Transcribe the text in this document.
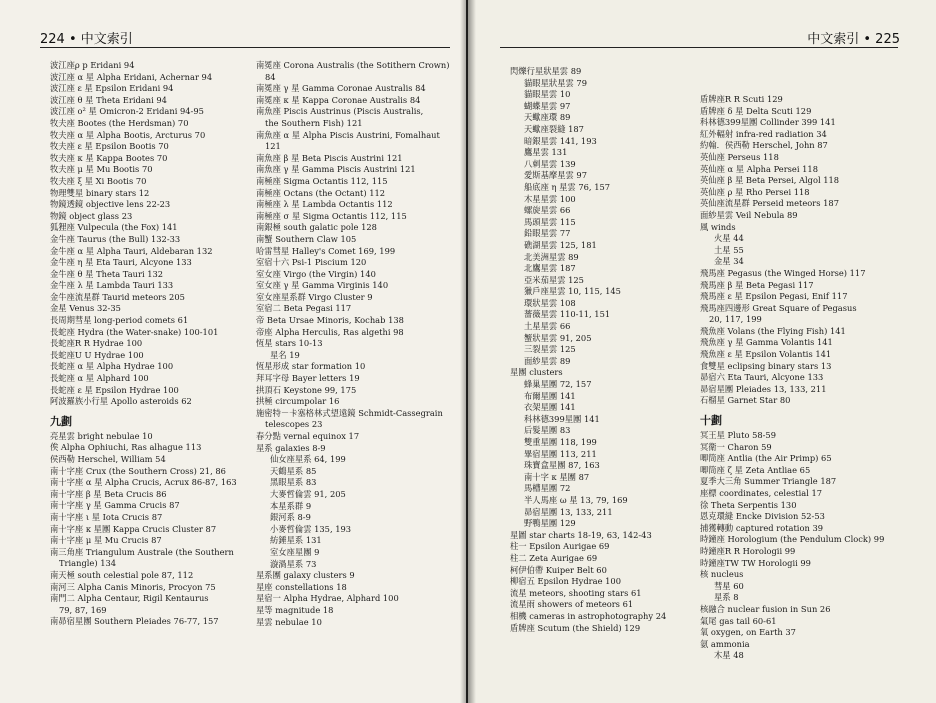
224 • 中文索引
波江座ρ p Eridani 94
波江座 α 星 Alpha Eridani, Achernar 94
波江座 ε 星 Epsilon Eridani 94
波江座 θ 星 Theta Eridani 94
波江座 o² 星 Omicron-2 Eridani 94-95
牧夫座 Bootes (the Herdsman) 70
牧夫座 α 星 Alpha Bootis, Arcturus 70
牧夫座 ε 星 Epsilon Bootis 70
牧夫座 κ 星 Kappa Bootes 70
牧夫座 μ 星 Mu Bootis 70
牧夫座 ξ 星 Xi Bootis 70
物理雙星 binary stars 12
物鏡透鏡 objective lens 22-23
物鏡 object glass 23
狐狸座 Vulpecula (the Fox) 141
金牛座 Taurus (the Bull) 132-33
金牛座 α 星 Alpha Tauri, Aldebaran 132
金牛座 η 星 Eta Tauri, Alcyone 133
金牛座 θ 星 Theta Tauri 132
金牛座 λ 星 Lambda Tauri 133
金牛座流星群 Taurid meteors 205
金星 Venus 32-35
長周期彗星 long-period comets 61
長蛇座 Hydra (the Water-snake) 100-101
長蛇座R R Hydrae 100
長蛇座U U Hydrae 100
長蛇座 α 星 Alpha Hydrae 100
長蛇座 α 星 Alphard 100
長蛇座 ε 星 Epsilon Hydrae 100
阿波羅族小行星 Apollo asteroids 62
九劃
亮星雲 bright nebulae 10
俟 Alpha Ophiuchi, Ras alhague 113
侯西勒 Herschel, William 54
南十字座 Crux (the Southern Cross) 21, 86
南十字座 α 星 Alpha Crucis, Acrux 86-87, 163
南十字座 β 星 Beta Crucis 86
南十字座 γ 星 Gamma Crucis 87
南十字座 ι 星 Iota Crucis 87
南十字座 κ 星團 Kappa Crucis Cluster 87
南十字座 μ 星 Mu Crucis 87
南三角座 Triangulum Australe (the Southern
Triangle) 134
南天極 south celestial pole 87, 112
南河三 Alpha Canis Minoris, Procyon 75
南門二 Alpha Centaur, Rigil Kentaurus
79, 87, 169
南昴宿星團 Southern Pleiades 76-77, 157
南冕座 Corona Australis (the Sotithern Crown)
84
南冕座 γ 星 Gamma Coronae Australis 84
南冕座 κ 星 Kappa Coronae Australis 84
南魚座 Piscis Austrinus (Piscis Australis,
the Southern Fish) 121
南魚座 α 星 Alpha Piscis Austrini, Fomalhaut
121
南魚座 β 星 Beta Piscis Austrini 121
南魚座 γ 星 Gamma Piscis Austrini 121
南極座 Sigma Octantis 112, 115
南極座 Octans (the Octant) 112
南極座 λ 星 Lambda Octantis 112
南極座 σ 星 Sigma Octantis 112, 115
南銀極 south galatic pole 128
南蟹 Southern Claw 105
哈雷彗星 Halley's Comet 169, 199
室宿十六 Psi-1 Piscium 120
室女座 Virgo (the Virgin) 140
室女座 γ 星 Gamma Virginis 140
室女座星系群 Virgo Cluster 9
室宿二 Beta Pegasi 117
帝 Beta Ursae Minoris, Kochab 138
帝座 Alpha Herculis, Ras algethi 98
恆星 stars 10-13
星名 19
恆星形成 star formation 10
拜耳字母 Bayer letters 19
拱頂石 Keystone 99, 175
拱極 circumpolar 16
施密特－卡塞格林式望遠鏡 Schmidt-Cassegrain
telescopes 23
春分點 vernal equinox 17
星系 galaxies 8-9
仙女座星系 64, 199
天鶴星系 85
黑眼星系 83
大麥哲倫雲 91, 205
本星系群 9
銀河系 8-9
小麥哲倫雲 135, 193
紡錘星系 131
室女座星團 9
漩渦星系 73
星系團 galaxy clusters 9
星座 constellations 18
星宿一 Alpha Hydrae, Alphard 100
星等 magnitude 18
星雲 nebulae 10
中文索引 • 225
閃爍行星狀星雲 89
貓眼星狀星雲 79
貓眼星雲 10
蝴蝶星雲 97
天蠍座環 89
天蠍座裂縫 187
暗銀星雲 141, 193
鷹星雲 131
八刺星雲 139
愛斯基摩星雲 97
船底座 η 星雲 76, 157
木星星雲 100
螺旋星雲 66
馬頭星雲 115
鉛眼星雲 77
礁湖星雲 125, 181
北美洲星雲 89
北鷹星雲 187
亞米茄星雲 125
獵戶座星雲 10, 115, 145
環狀星雲 108
薔薇星雲 110-11, 151
土星星雲 66
蟹狀星雲 91, 205
三裂星雲 125
面紗星雲 89
星團 clusters
蜂巢星團 72, 157
布爾星團 141
衣架星團 141
科林德399星團 141
后髮星團 83
雙重星團 118, 199
畢宿星團 113, 211
珠寶盒星團 87, 163
南十字 κ 星團 87
馬槽星團 72
半人馬座 ω 星 13, 79, 169
昴宿星團 13, 133, 211
野鴨星團 129
星圖 star charts 18-19, 63, 142-43
柱一 Epsilon Aurigae 69
柱二 Zeta Aurigae 69
柯伊伯帶 Kuiper Belt 60
柳宿五 Epsilon Hydrae 100
流星 meteors, shooting stars 61
流星雨 showers of meteors 61
相機 cameras in astrophotography 24
盾牌座 Scutum (the Shield) 129
盾牌座R R Scuti 129
盾牌座 δ 星 Delta Scuti 129
科林德399星團 Collinder 399 141
紅外輻射 infra-red radiation 34
約翰．侯西勒 Herschel, John 87
英仙座 Perseus 118
英仙座 α 星 Alpha Persei 118
英仙座 β 星 Beta Persei, Algol 118
英仙座 ρ 星 Rho Persei 118
英仙座流星群 Perseid meteors 187
面紗星雲 Veil Nebula 89
風 winds
火星 44
土星 55
金星 34
飛馬座 Pegasus (the Winged Horse) 117
飛馬座 β 星 Beta Pegasi 117
飛馬座 ε 星 Epsilon Pegasi, Enif 117
飛馬座四邊形 Great Square of Pegasus
20, 117, 199
飛魚座 Volans (the Flying Fish) 141
飛魚座 γ 星 Gamma Volantis 141
飛魚座 ε 星 Epsilon Volantis 141
食雙星 eclipsing binary stars 13
昴宿六 Eta Tauri, Alcyone 133
昴宿星團 Pleiades 13, 133, 211
石榴星 Garnet Star 80
十劃
冥王星 Pluto 58-59
冥衛一 Charon 59
唧筒座 Antlia (the Air Primp) 65
唧筒座 ζ 星 Zeta Antliae 65
夏季大三角 Summer Triangle 187
座標 coordinates, celestial 17
徐 Theta Serpentis 130
恩克環縫 Encke Division 52-53
捕獲轉動 captured rotation 39
時鐘座 Horologium (the Pendulum Clock) 99
時鐘座R R Horologii 99
時鐘座TW TW Horologii 99
核 nucleus
彗星 60
星系 8
核融合 nuclear fusion in Sun 26
氣尾 gas tail 60-61
氧 oxygen, on Earth 37
氨 ammonia
木星 48
